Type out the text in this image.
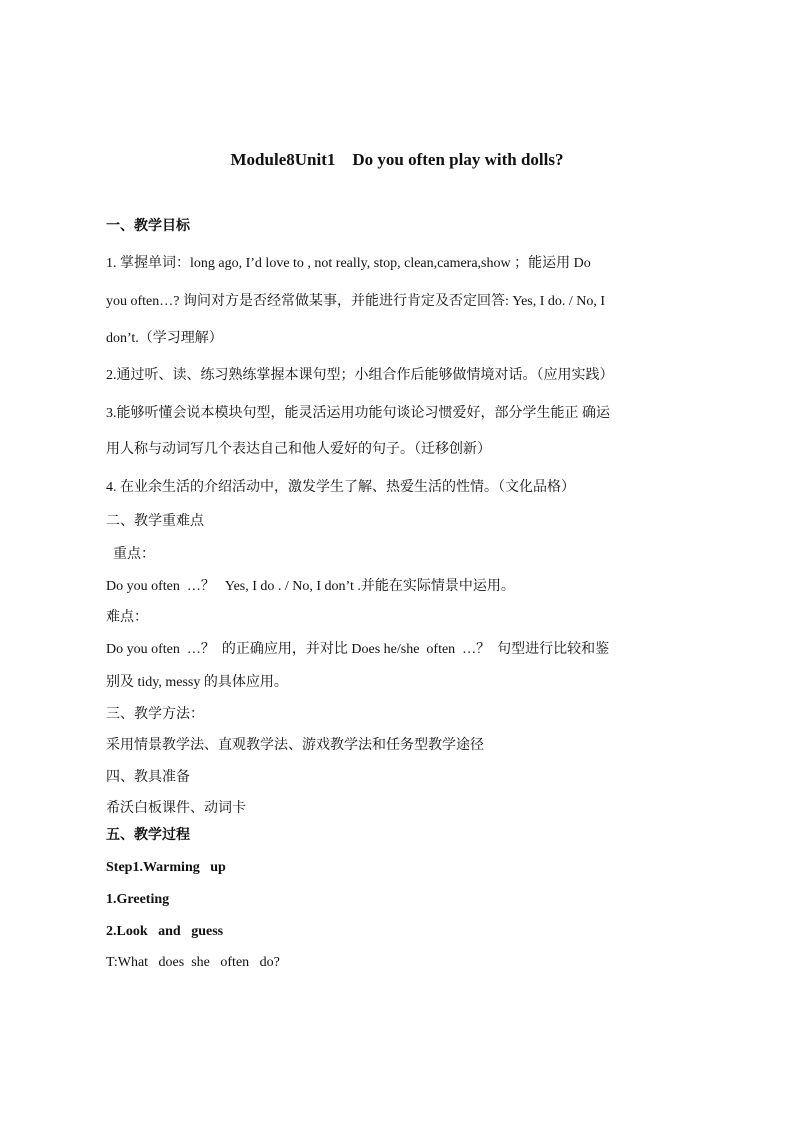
Module8Unit1    Do you often play with dolls?
一、教学目标
1. 掌握单词：long ago, I’d love to , not really, stop, clean,camera,show ；能运用 Do
you often…? 询问对方是否经常做某事，并能进行肯定及否定回答: Yes, I do. / No, I
don’t.（学习理解）
2.通过听、读、练习熟练掌握本课句型；小组合作后能够做情境对话。（应用实践）
3.能够听懂会说本模块句型，能灵活运用功能句谈论习惯爱好，部分学生能正 确运
用人称与动词写几个表达自己和他人爱好的句子。（迁移创新）
4. 在业余生活的介绍活动中，激发学生了解、热爱生活的性情。（文化品格）
二、教学重难点
重点：
Do you often  …？   Yes, I do . / No, I don’t .并能在实际情景中运用。
难点：
Do you often  …？  的正确应用，并对比 Does he/she  often  …？  句型进行比较和鉴
别及 tidy, messy 的具体应用。
三、教学方法：
采用情景教学法、直观教学法、游戏教学法和任务型教学途径
四、教具准备
希沃白板课件、动词卡
五、教学过程
Step1.Warming   up
1.Greeting
2.Look   and   guess
T:What   does  she   often   do?
